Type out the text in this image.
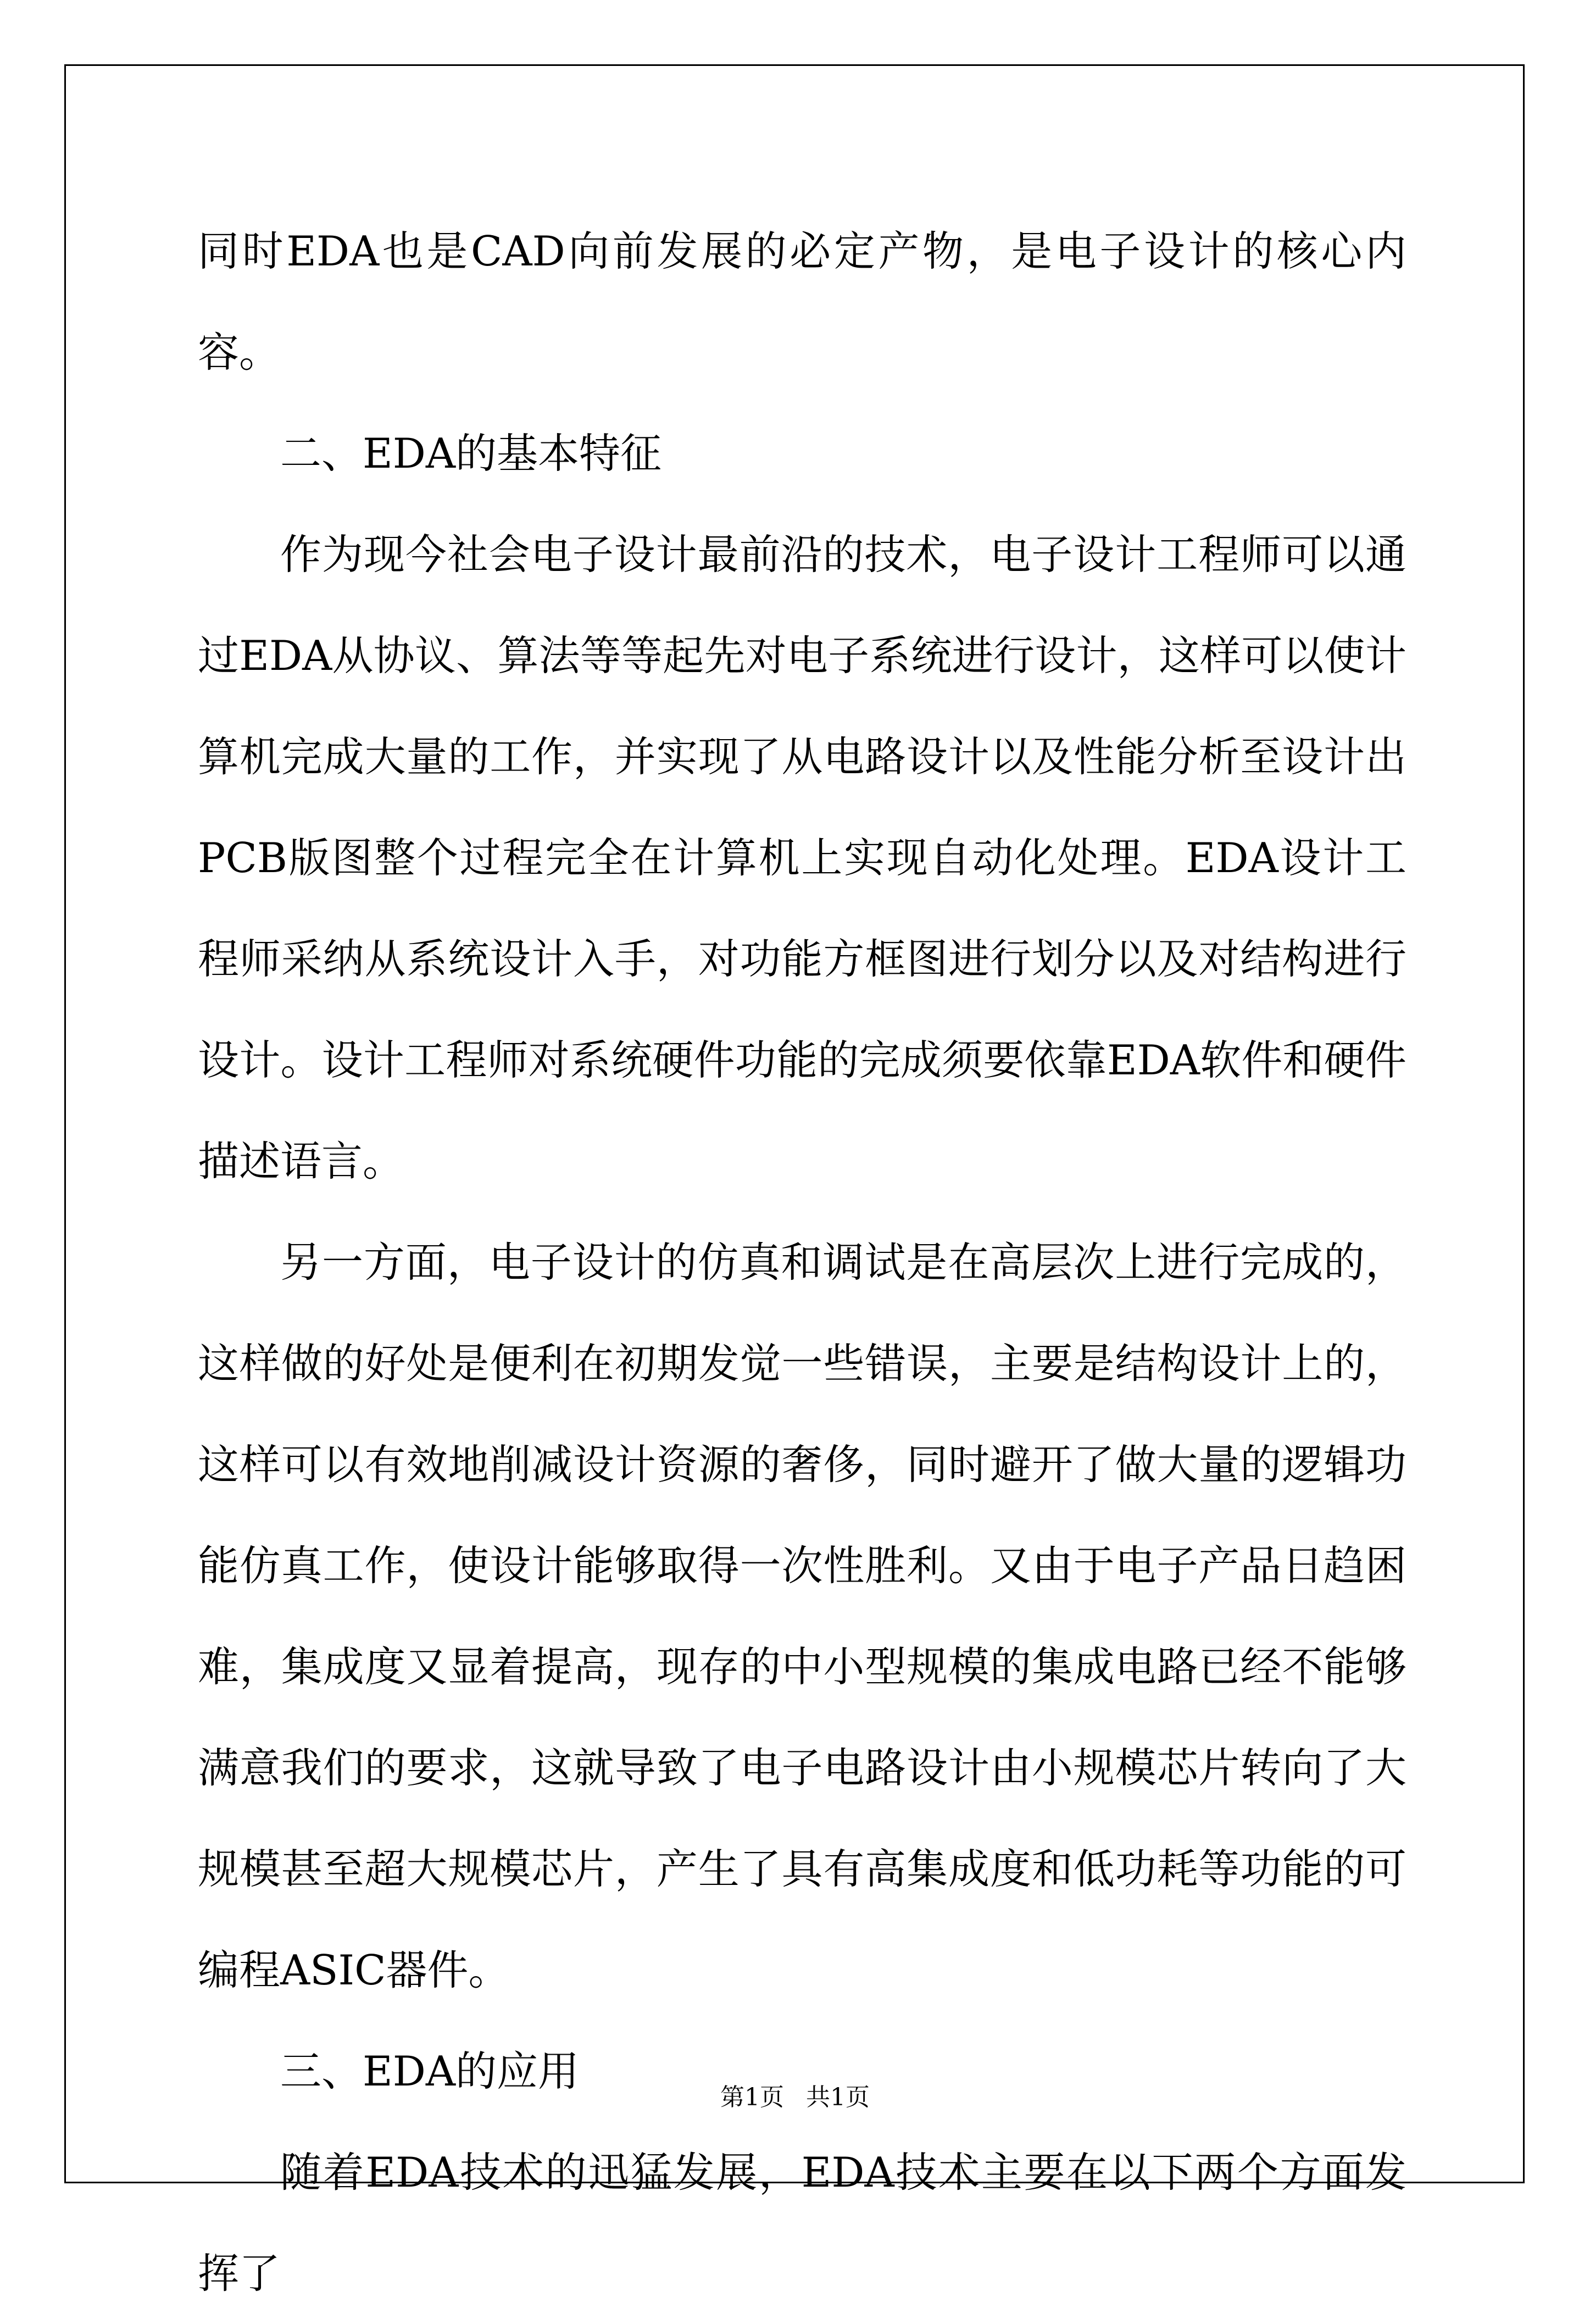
同时EDA也是CAD向前发展的必定产物，是电子设计的核心内容。

二、EDA的基本特征

作为现今社会电子设计最前沿的技术，电子设计工程师可以通过EDA从协议、算法等等起先对电子系统进行设计，这样可以使计算机完成大量的工作，并实现了从电路设计以及性能分析至设计出PCB版图整个过程完全在计算机上实现自动化处理。EDA设计工程师采纳从系统设计入手，对功能方框图进行划分以及对结构进行设计。设计工程师对系统硬件功能的完成须要依靠EDA软件和硬件描述语言。

另一方面，电子设计的仿真和调试是在高层次上进行完成的，这样做的好处是便利在初期发觉一些错误，主要是结构设计上的，这样可以有效地削减设计资源的奢侈，同时避开了做大量的逻辑功能仿真工作，使设计能够取得一次性胜利。又由于电子产品日趋困难，集成度又显着提高，现存的中小型规模的集成电路已经不能够满意我们的要求，这就导致了电子电路设计由小规模芯片转向了大规模甚至超大规模芯片，产生了具有高集成度和低功耗等功能的可编程ASIC器件。

三、EDA的应用

随着EDA技术的迅猛发展，EDA技术主要在以下两个方面发挥了

第1页 共1页
